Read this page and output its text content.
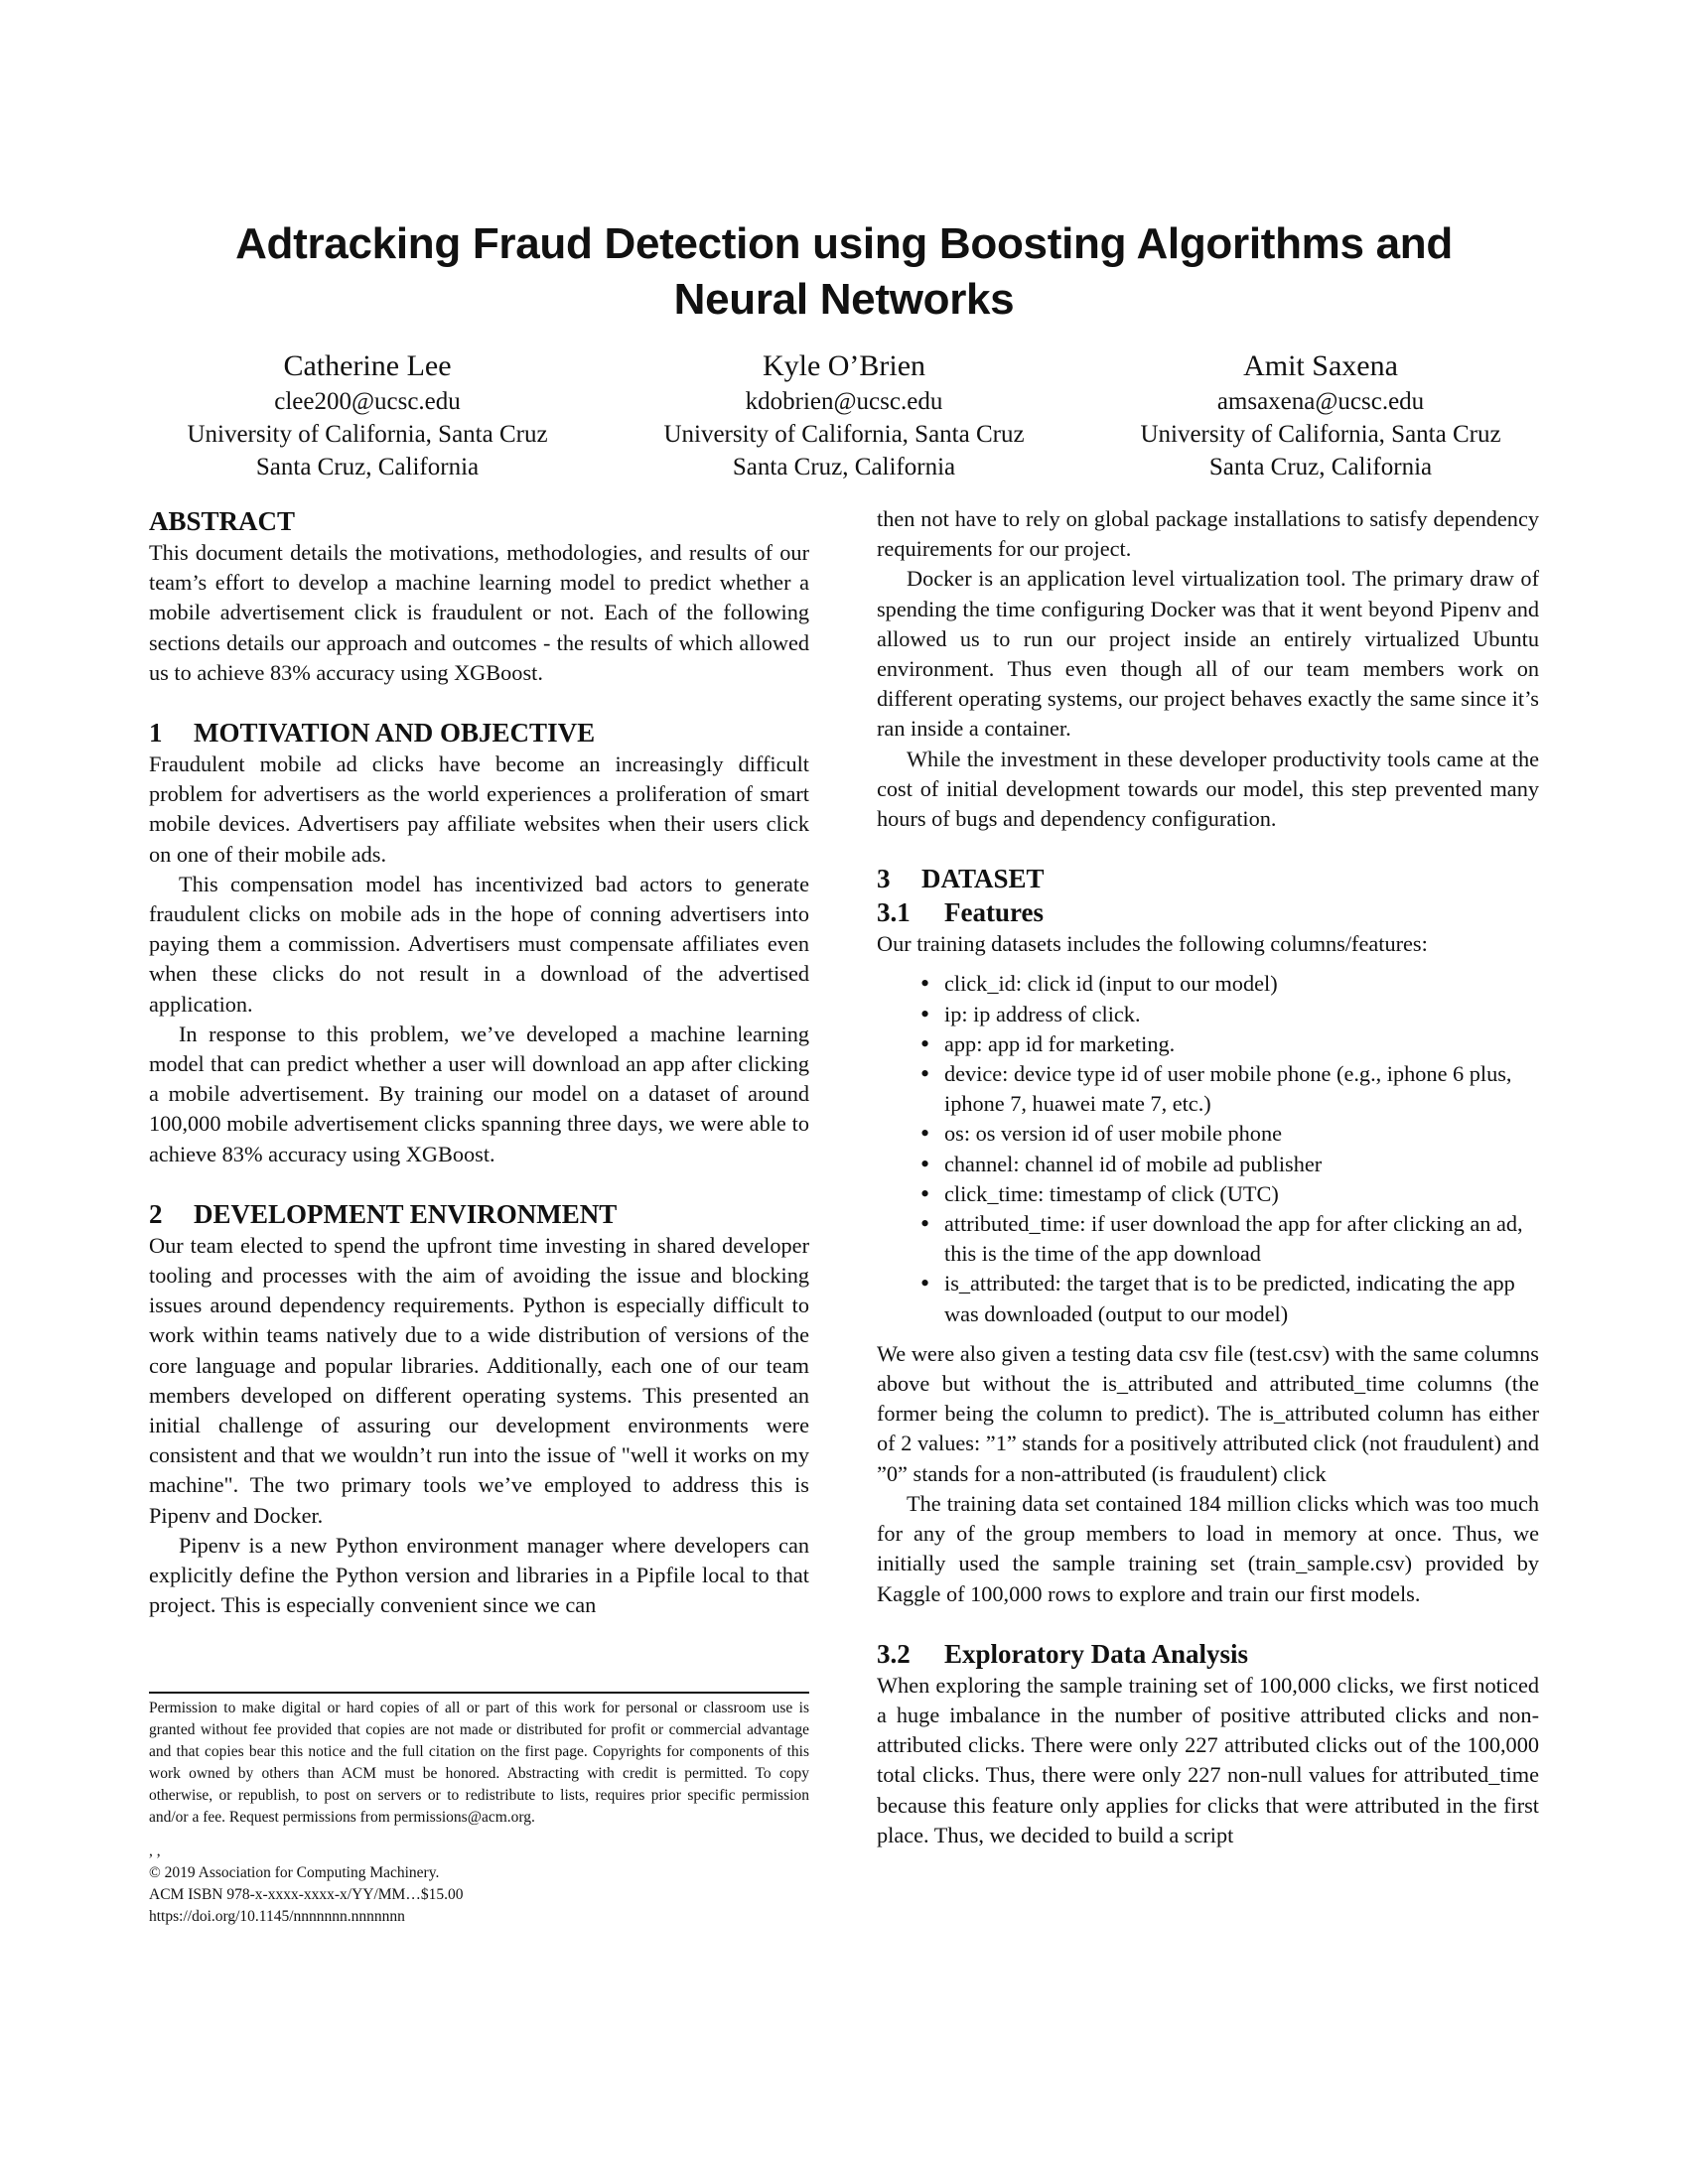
Adtracking Fraud Detection using Boosting Algorithms and
Neural Networks
Catherine Lee
clee200@ucsc.edu
University of California, Santa Cruz
Santa Cruz, California
Kyle O’Brien
kdobrien@ucsc.edu
University of California, Santa Cruz
Santa Cruz, California
Amit Saxena
amsaxena@ucsc.edu
University of California, Santa Cruz
Santa Cruz, California
ABSTRACT

This document details the motivations, methodologies, and results of our team’s effort to develop a machine learning model to predict whether a mobile advertisement click is fraudulent or not. Each of the following sections details our approach and outcomes - the results of which allowed us to achieve 83% accuracy using XGBoost.

1 MOTIVATION AND OBJECTIVE

Fraudulent mobile ad clicks have become an increasingly difficult problem for advertisers as the world experiences a proliferation of smart mobile devices. Advertisers pay affiliate websites when their users click on one of their mobile ads.

This compensation model has incentivized bad actors to generate fraudulent clicks on mobile ads in the hope of conning advertisers into paying them a commission. Advertisers must compensate affiliates even when these clicks do not result in a download of the advertised application.

In response to this problem, we’ve developed a machine learning model that can predict whether a user will download an app after clicking a mobile advertisement. By training our model on a dataset of around 100,000 mobile advertisement clicks spanning three days, we were able to achieve 83% accuracy using XGBoost.

2 DEVELOPMENT ENVIRONMENT

Our team elected to spend the upfront time investing in shared developer tooling and processes with the aim of avoiding the issue and blocking issues around dependency requirements. Python is especially difficult to work within teams natively due to a wide distribution of versions of the core language and popular libraries. Additionally, each one of our team members developed on different operating systems. This presented an initial challenge of assuring our development environments were consistent and that we wouldn’t run into the issue of "well it works on my machine". The two primary tools we’ve employed to address this is Pipenv and Docker.

Pipenv is a new Python environment manager where developers can explicitly define the Python version and libraries in a Pipfile local to that project. This is especially convenient since we can

Permission to make digital or hard copies of all or part of this work for personal or classroom use is granted without fee provided that copies are not made or distributed for profit or commercial advantage and that copies bear this notice and the full citation on the first page. Copyrights for components of this work owned by others than ACM must be honored. Abstracting with credit is permitted. To copy otherwise, or republish, to post on servers or to redistribute to lists, requires prior specific permission and/or a fee. Request permissions from permissions@acm.org.

, ,
© 2019 Association for Computing Machinery.
ACM ISBN 978-x-xxxx-xxxx-x/YY/MM…$15.00
https://doi.org/10.1145/nnnnnnn.nnnnnnn

then not have to rely on global package installations to satisfy dependency requirements for our project.

Docker is an application level virtualization tool. The primary draw of spending the time configuring Docker was that it went beyond Pipenv and allowed us to run our project inside an entirely virtualized Ubuntu environment. Thus even though all of our team members work on different operating systems, our project behaves exactly the same since it’s ran inside a container.

While the investment in these developer productivity tools came at the cost of initial development towards our model, this step prevented many hours of bugs and dependency configuration.

3 DATASET
3.1 Features

Our training datasets includes the following columns/features:

• click_id: click id (input to our model)
• ip: ip address of click.
• app: app id for marketing.
• device: device type id of user mobile phone (e.g., iphone 6 plus, iphone 7, huawei mate 7, etc.)
• os: os version id of user mobile phone
• channel: channel id of mobile ad publisher
• click_time: timestamp of click (UTC)
• attributed_time: if user download the app for after clicking an ad, this is the time of the app download
• is_attributed: the target that is to be predicted, indicating the app was downloaded (output to our model)

We were also given a testing data csv file (test.csv) with the same columns above but without the is_attributed and attributed_time columns (the former being the column to predict). The is_attributed column has either of 2 values: ”1” stands for a positively attributed click (not fraudulent) and ”0” stands for a non-attributed (is fraudulent) click

The training data set contained 184 million clicks which was too much for any of the group members to load in memory at once. Thus, we initially used the sample training set (train_sample.csv) provided by Kaggle of 100,000 rows to explore and train our first models.

3.2 Exploratory Data Analysis

When exploring the sample training set of 100,000 clicks, we first noticed a huge imbalance in the number of positive attributed clicks and non-attributed clicks. There were only 227 attributed clicks out of the 100,000 total clicks. Thus, there were only 227 non-null values for attributed_time because this feature only applies for clicks that were attributed in the first place. Thus, we decided to build a script
